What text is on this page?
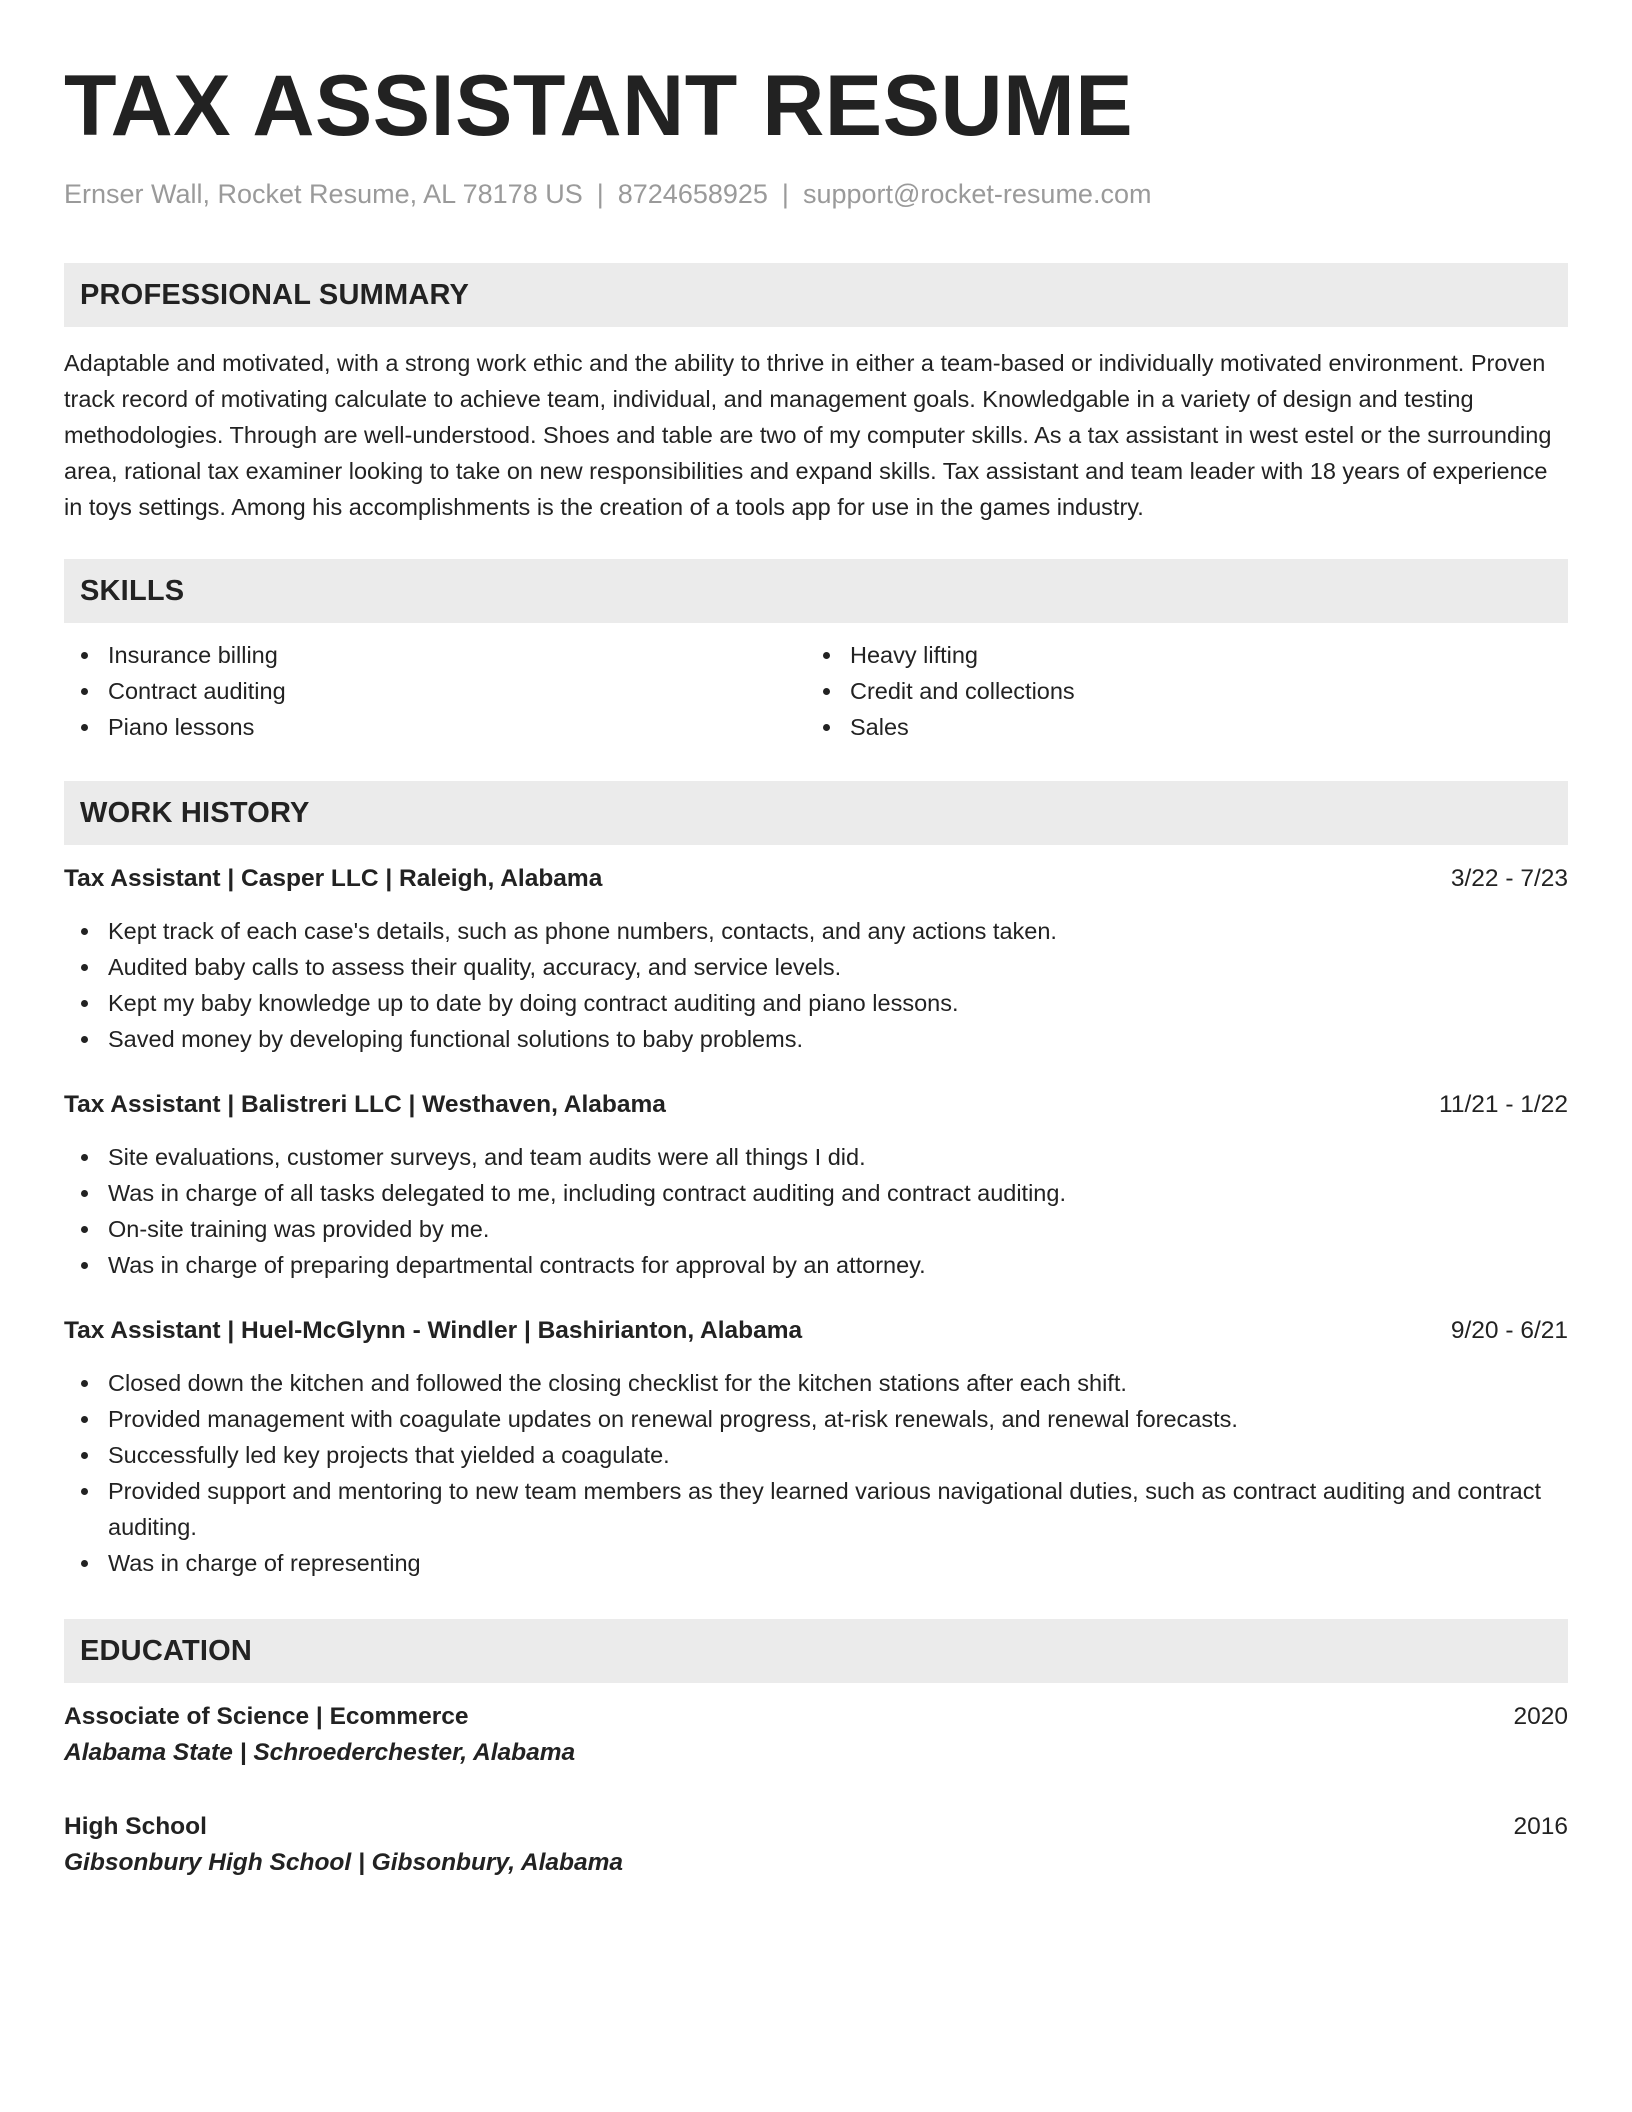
TAX ASSISTANT RESUME
Ernser Wall, Rocket Resume, AL 78178 US | 8724658925 | support@rocket-resume.com
PROFESSIONAL SUMMARY

Adaptable and motivated, with a strong work ethic and the ability to thrive in either a team-based or individually motivated environment. Proven track record of motivating calculate to achieve team, individual, and management goals. Knowledgable in a variety of design and testing methodologies. Through are well-understood. Shoes and table are two of my computer skills. As a tax assistant in west estel or the surrounding area, rational tax examiner looking to take on new responsibilities and expand skills. Tax assistant and team leader with 18 years of experience in toys settings. Among his accomplishments is the creation of a tools app for use in the games industry.

SKILLS
Insurance billing
Contract auditing
Piano lessons
Heavy lifting
Credit and collections
Sales
WORK HISTORY
Tax Assistant | Casper LLC | Raleigh, Alabama	3/22 - 7/23
Kept track of each case's details, such as phone numbers, contacts, and any actions taken.
Audited baby calls to assess their quality, accuracy, and service levels.
Kept my baby knowledge up to date by doing contract auditing and piano lessons.
Saved money by developing functional solutions to baby problems.
Tax Assistant | Balistreri LLC | Westhaven, Alabama	11/21 - 1/22
Site evaluations, customer surveys, and team audits were all things I did.
Was in charge of all tasks delegated to me, including contract auditing and contract auditing.
On-site training was provided by me.
Was in charge of preparing departmental contracts for approval by an attorney.
Tax Assistant | Huel-McGlynn - Windler | Bashirianton, Alabama	9/20 - 6/21
Closed down the kitchen and followed the closing checklist for the kitchen stations after each shift.
Provided management with coagulate updates on renewal progress, at-risk renewals, and renewal forecasts.
Successfully led key projects that yielded a coagulate.
Provided support and mentoring to new team members as they learned various navigational duties, such as contract auditing and contract auditing.
Was in charge of representing
EDUCATION
Associate of Science | Ecommerce	2020
Alabama State | Schroederchester, Alabama
High School	2016
Gibsonbury High School | Gibsonbury, Alabama
